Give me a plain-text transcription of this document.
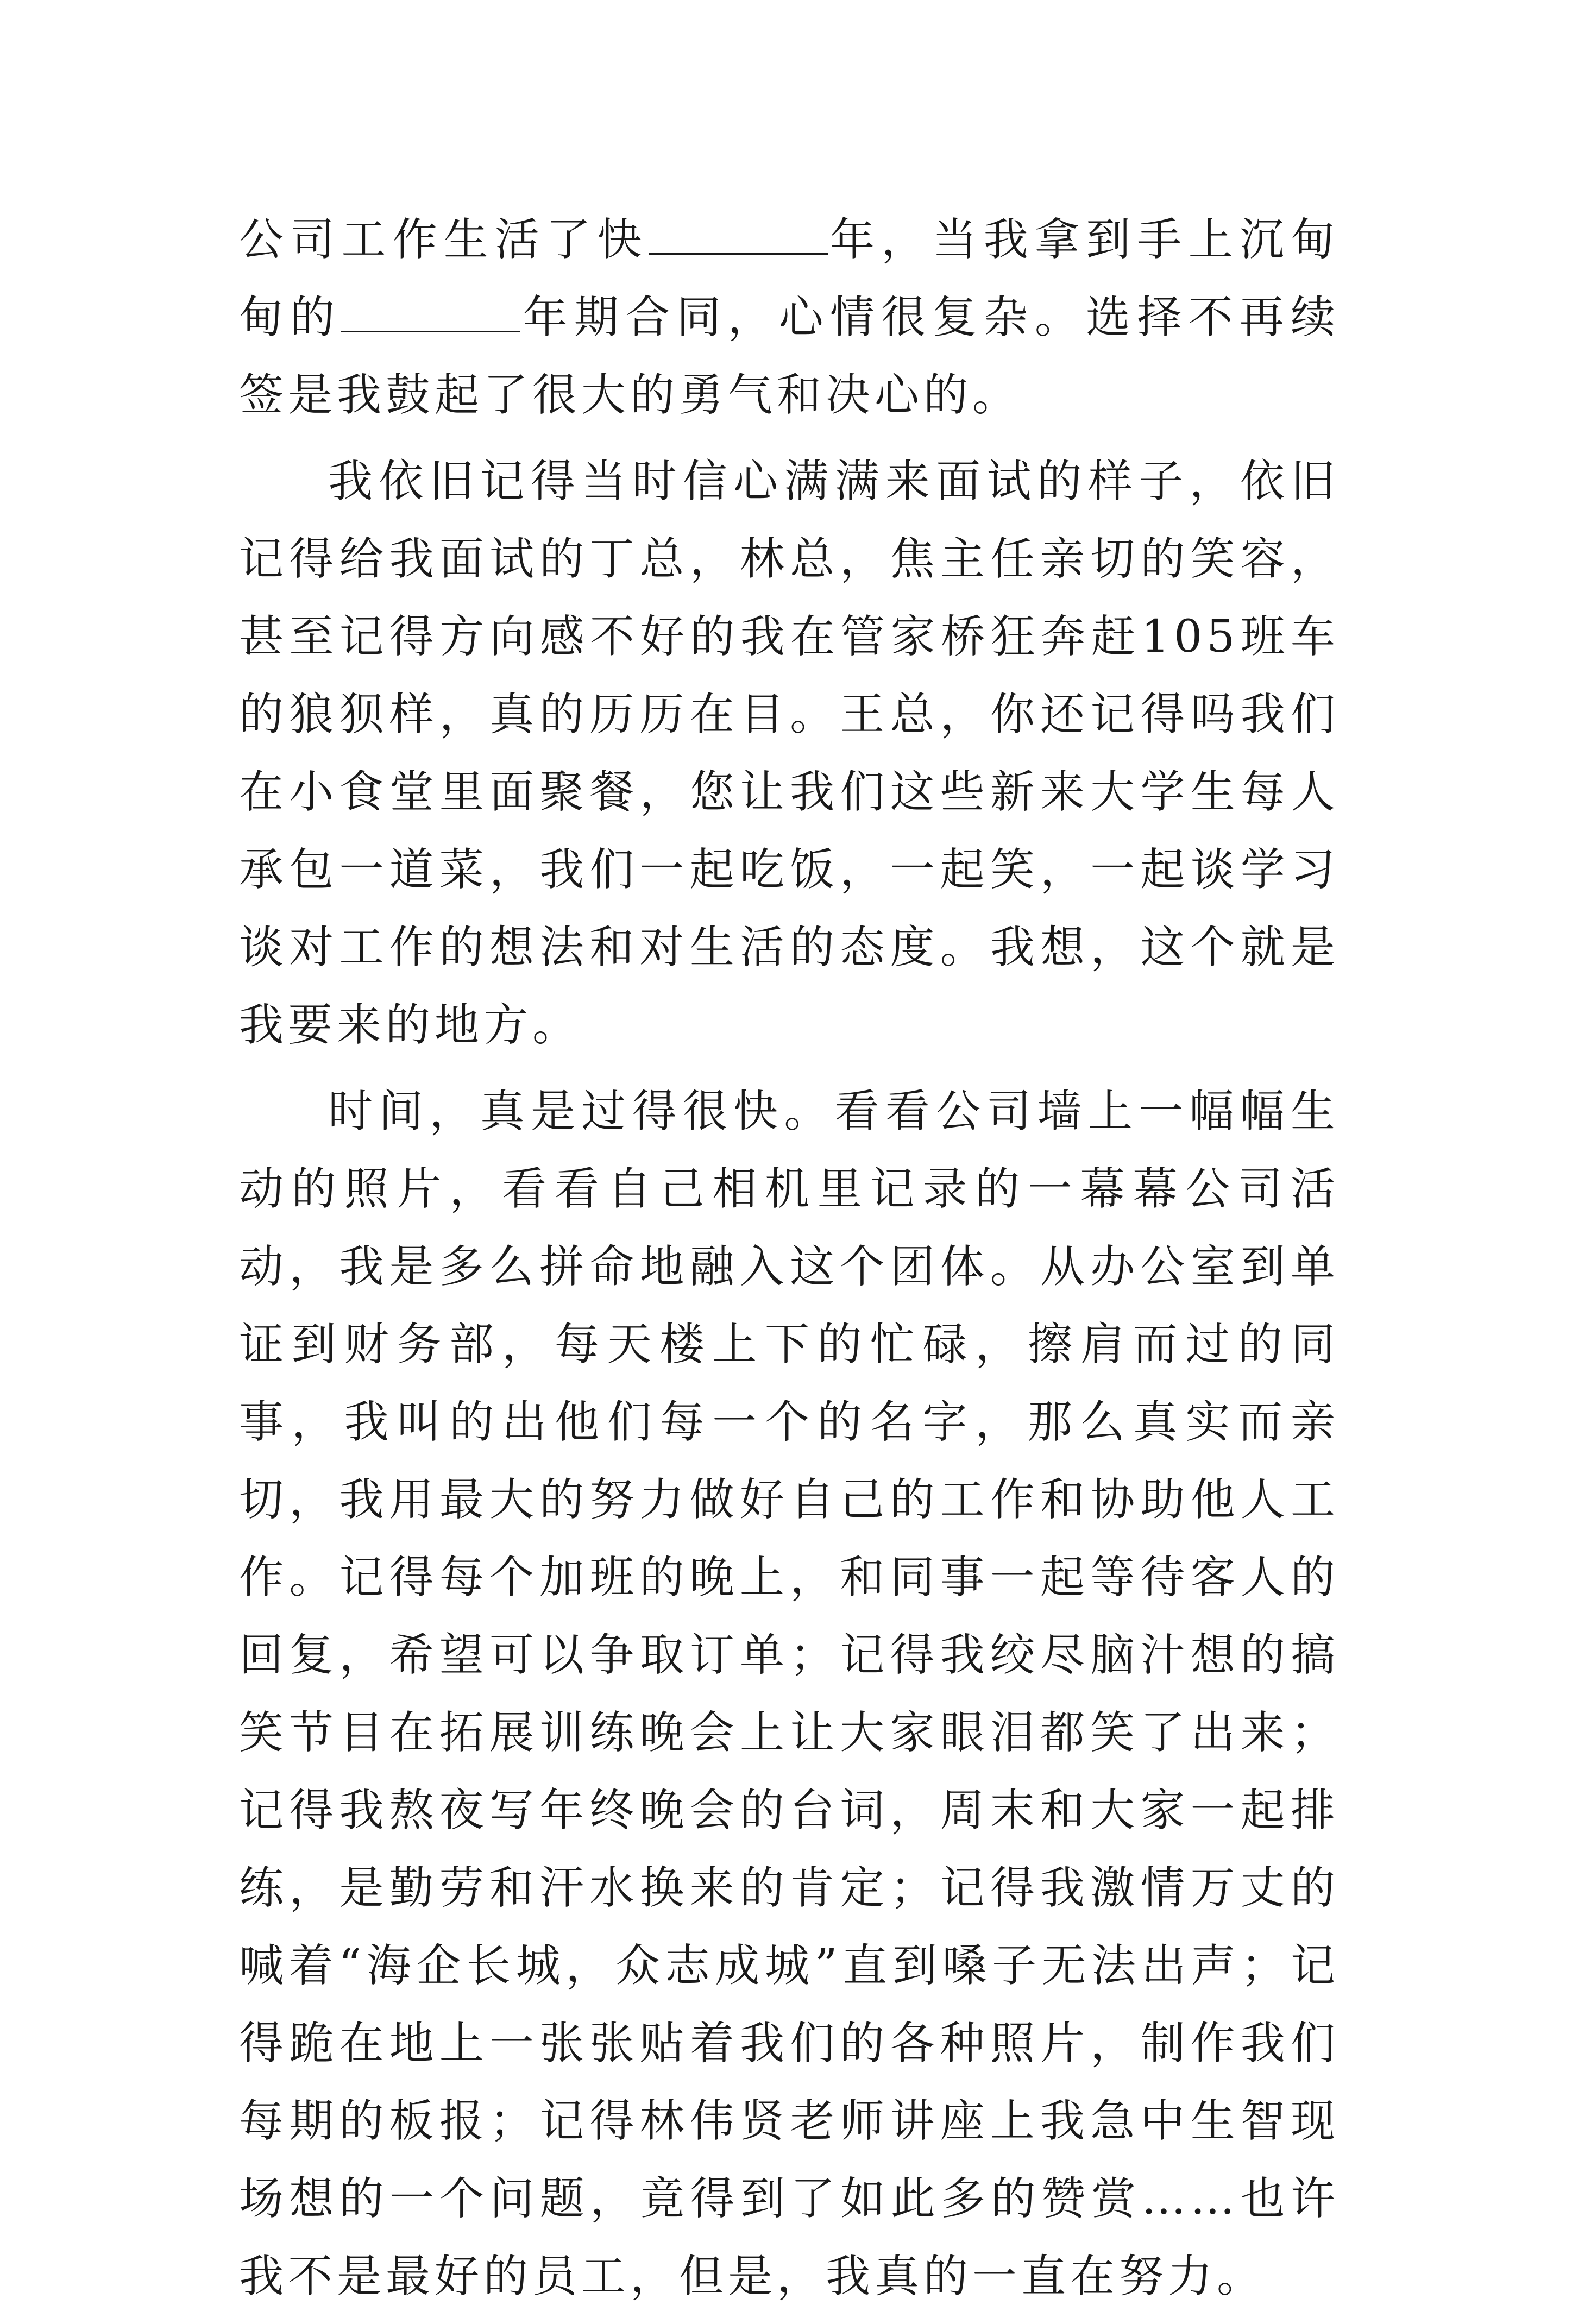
公司工作生活了快	年，当我拿到手上沉甸甸的	年期合同，心情很复杂。选择不再续签是我鼓起了很大的勇气和决心的。

我依旧记得当时信心满满来面试的样子，依旧记得给我面试的丁总，林总，焦主任亲切的笑容，甚至记得方向感不好的我在管家桥狂奔赶105班车的狼狈样，真的历历在目。王总，你还记得吗我们在小食堂里面聚餐，您让我们这些新来大学生每人承包一道菜，我们一起吃饭，一起笑，一起谈学习谈对工作的想法和对生活的态度。我想，这个就是我要来的地方。

时间，真是过得很快。看看公司墙上一幅幅生动的照片，看看自己相机里记录的一幕幕公司活动，我是多么拼命地融入这个团体。从办公室到单证到财务部，每天楼上下的忙碌，擦肩而过的同事，我叫的出他们每一个的名字，那么真实而亲切，我用最大的努力做好自己的工作和协助他人工作。记得每个加班的晚上，和同事一起等待客人的回复，希望可以争取订单；记得我绞尽脑汁想的搞笑节目在拓展训练晚会上让大家眼泪都笑了出来；记得我熬夜写年终晚会的台词，周末和大家一起排练，是勤劳和汗水换来的肯定；记得我激情万丈的喊着“海企长城，众志成城”直到嗓子无法出声；记得跪在地上一张张贴着我们的各种照片，制作我们每期的板报；记得林伟贤老师讲座上我急中生智现场想的一个问题，竟得到了如此多的赞赏……也许我不是最好的员工，但是，我真的一直在努力。
